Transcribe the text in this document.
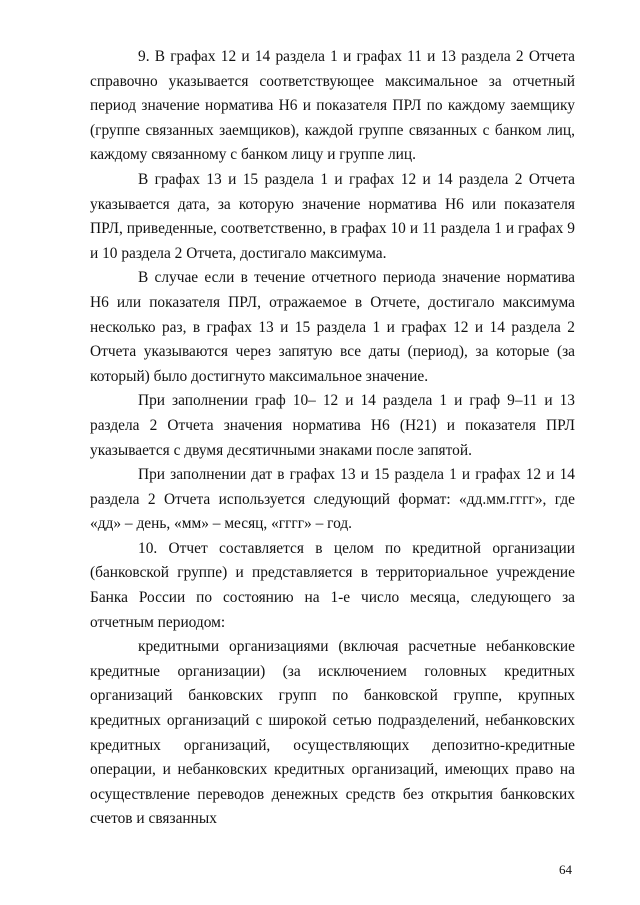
9. В графах 12 и 14 раздела 1 и графах 11 и 13 раздела 2 Отчета справочно указывается соответствующее максимальное за отчетный период значение норматива Н6 и показателя ПРЛ по каждому заемщику (группе связанных заемщиков), каждой группе связанных с банком лиц, каждому связанному с банком лицу и группе лиц.

В графах 13 и 15 раздела 1 и графах 12 и 14 раздела 2 Отчета указывается дата, за которую значение норматива Н6 или показателя ПРЛ, приведенные, соответственно, в графах 10 и 11 раздела 1 и графах 9 и 10 раздела 2 Отчета, достигало максимума.

В случае если в течение отчетного периода значение норматива Н6 или показателя ПРЛ, отражаемое в Отчете, достигало максимума несколько раз, в графах 13 и 15 раздела 1 и графах 12 и 14 раздела 2 Отчета указываются через запятую все даты (период), за которые (за который) было достигнуто максимальное значение.

При заполнении граф 10– 12 и 14 раздела 1 и граф 9–11 и 13 раздела 2 Отчета значения норматива Н6 (Н21) и показателя ПРЛ указывается с двумя десятичными знаками после запятой.

При заполнении дат в графах 13 и 15 раздела 1 и графах 12 и 14 раздела 2 Отчета используется следующий формат: «дд.мм.гггг», где «дд» – день, «мм» – месяц, «гггг» – год.

10. Отчет составляется в целом по кредитной организации (банковской группе) и представляется в территориальное учреждение Банка России по состоянию на 1-е число месяца, следующего за отчетным периодом:

кредитными организациями (включая расчетные небанковские кредитные организации) (за исключением головных кредитных организаций банковских групп по банковской группе, крупных кредитных организаций с широкой сетью подразделений, небанковских кредитных организаций, осуществляющих депозитно-кредитные операции, и небанковских кредитных организаций, имеющих право на осуществление переводов денежных средств без открытия банковских счетов и связанных

64
